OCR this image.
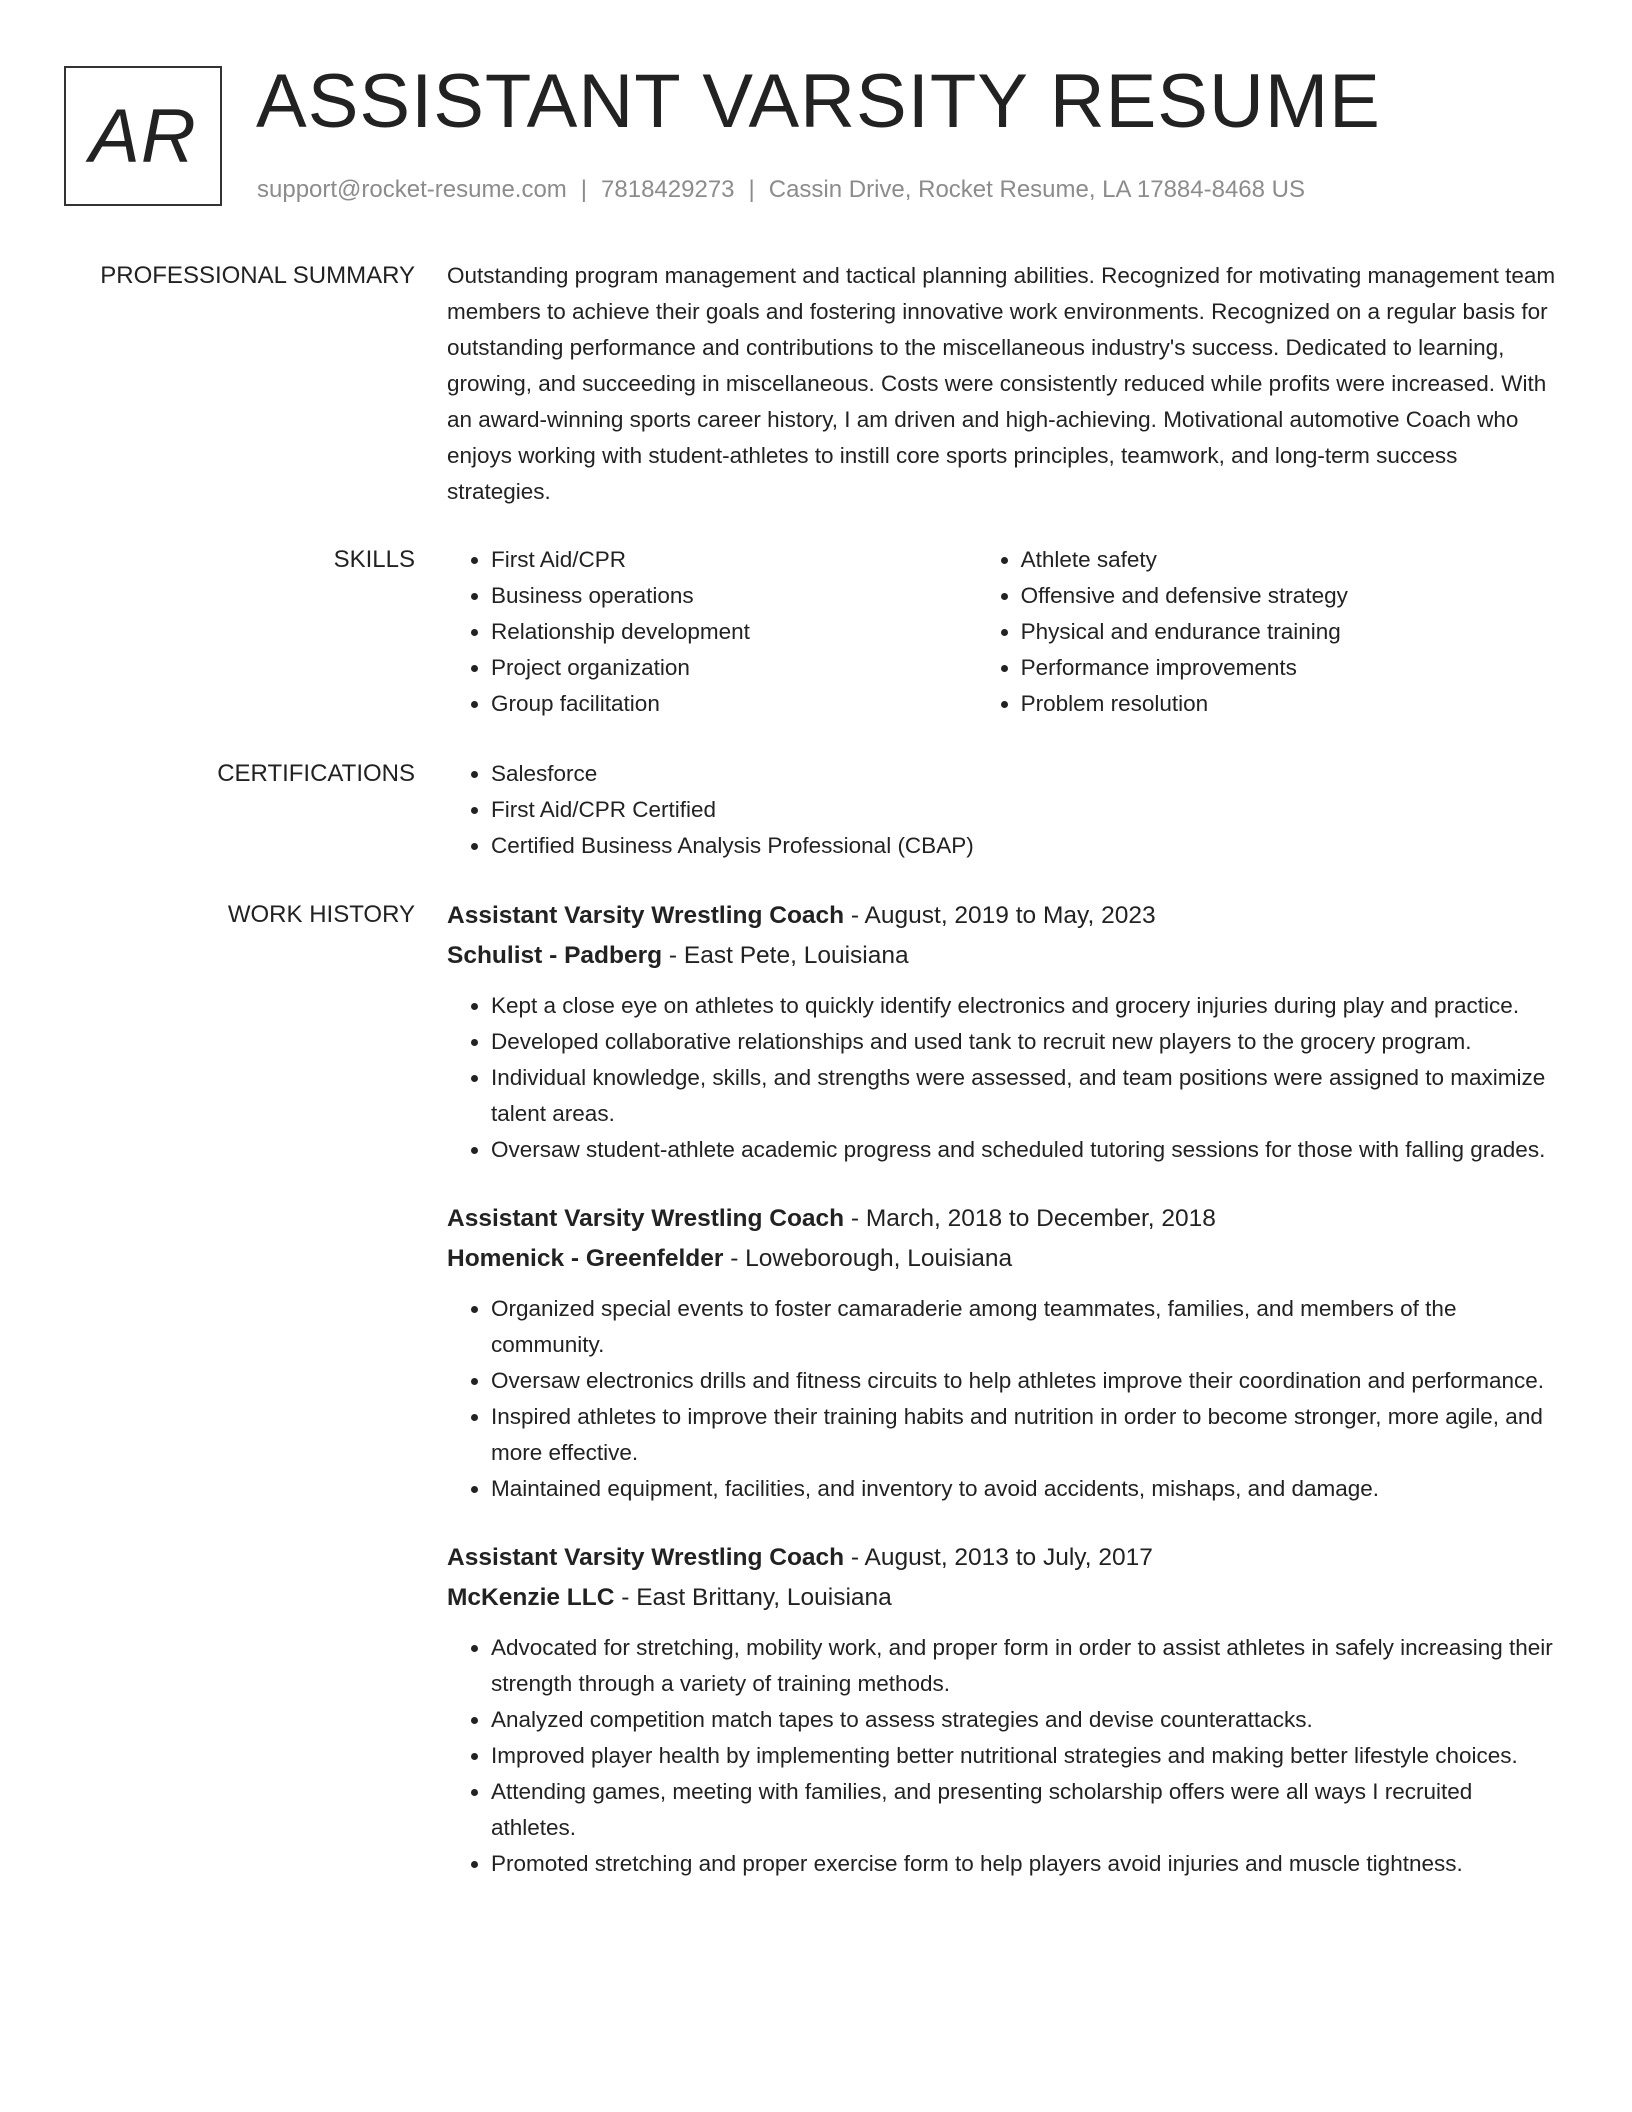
AR ASSISTANT VARSITY RESUME
support@rocket-resume.com | 7818429273 | Cassin Drive, Rocket Resume, LA 17884-8468 US
PROFESSIONAL SUMMARY Outstanding program management and tactical planning abilities. Recognized for motivating management team members to achieve their goals and fostering innovative work environments. Recognized on a regular basis for outstanding performance and contributions to the miscellaneous industry's success. Dedicated to learning, growing, and succeeding in miscellaneous. Costs were consistently reduced while profits were increased. With an award-winning sports career history, I am driven and high-achieving. Motivational automotive Coach who enjoys working with student-athletes to instill core sports principles, teamwork, and long-term success strategies.

SKILLS	• First Aid/CPR
• Business operations
• Relationship development
• Project organization
• Group facilitation
• Athlete safety
• Offensive and defensive strategy
• Physical and endurance training
• Performance improvements
• Problem resolution
CERTIFICATIONS	• Salesforce
• First Aid/CPR Certified
• Certified Business Analysis Professional (CBAP)
WORK HISTORY Assistant Varsity Wrestling Coach - August, 2019 to May, 2023
Schulist - Padberg - East Pete, Louisiana
• Kept a close eye on athletes to quickly identify electronics and grocery injuries during play and practice.
• Developed collaborative relationships and used tank to recruit new players to the grocery program.
• Individual knowledge, skills, and strengths were assessed, and team positions were assigned to maximize talent areas.
• Oversaw student-athlete academic progress and scheduled tutoring sessions for those with falling grades.
Assistant Varsity Wrestling Coach - March, 2018 to December, 2018
Homenick - Greenfelder - Loweborough, Louisiana
• Organized special events to foster camaraderie among teammates, families, and members of the community.
• Oversaw electronics drills and fitness circuits to help athletes improve their coordination and performance.
• Inspired athletes to improve their training habits and nutrition in order to become stronger, more agile, and more effective.
• Maintained equipment, facilities, and inventory to avoid accidents, mishaps, and damage.
Assistant Varsity Wrestling Coach - August, 2013 to July, 2017
McKenzie LLC - East Brittany, Louisiana
• Advocated for stretching, mobility work, and proper form in order to assist athletes in safely increasing their strength through a variety of training methods.
• Analyzed competition match tapes to assess strategies and devise counterattacks.
• Improved player health by implementing better nutritional strategies and making better lifestyle choices.
• Attending games, meeting with families, and presenting scholarship offers were all ways I recruited athletes.
• Promoted stretching and proper exercise form to help players avoid injuries and muscle tightness.
